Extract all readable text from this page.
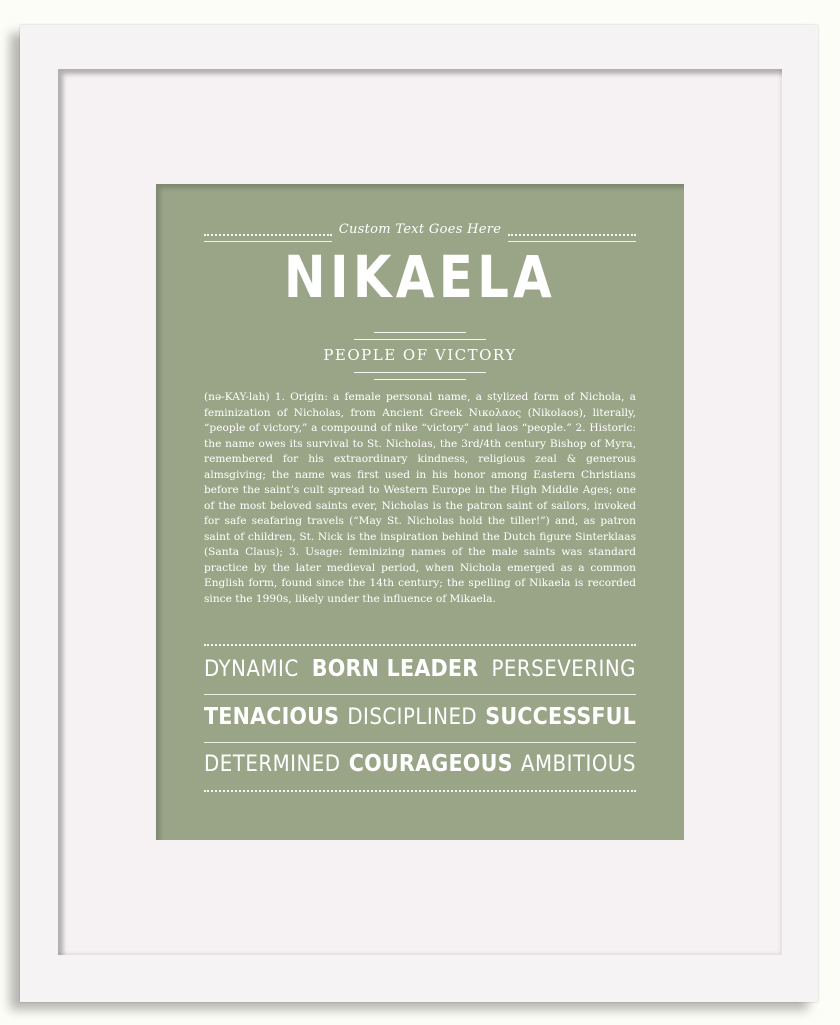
Custom Text Goes Here
NIKAELA
PEOPLE OF VICTORY

(nə-KAY-lah) 1. Origin: a female personal name, a stylized form of Nichola, a feminization of Nicholas, from Ancient Greek Νικολαος (Nikolaos), literally, “people of victory,” a compound of nike “victory” and laos “people.” 2. Historic: the name owes its survival to St. Nicholas, the 3rd/4th century Bishop of Myra, remembered for his extraordinary kindness, religious zeal & generous almsgiving; the name was first used in his honor among Eastern Christians before the saint’s cult spread to Western Europe in the High Middle Ages; one of the most beloved saints ever, Nicholas is the patron saint of sailors, invoked for safe seafaring travels (“May St. Nicholas hold the tiller!”) and, as patron saint of children, St. Nick is the inspiration behind the Dutch figure Sinterklaas (Santa Claus); 3. Usage: feminizing names of the male saints was standard practice by the later medieval period, when Nichola emerged as a common English form, found since the 14th century; the spelling of Nikaela is recorded since the 1990s, likely under the influence of Mikaela.

DYNAMIC BORN LEADER PERSEVERING
TENACIOUS DISCIPLINED SUCCESSFUL
DETERMINED COURAGEOUS AMBITIOUS
